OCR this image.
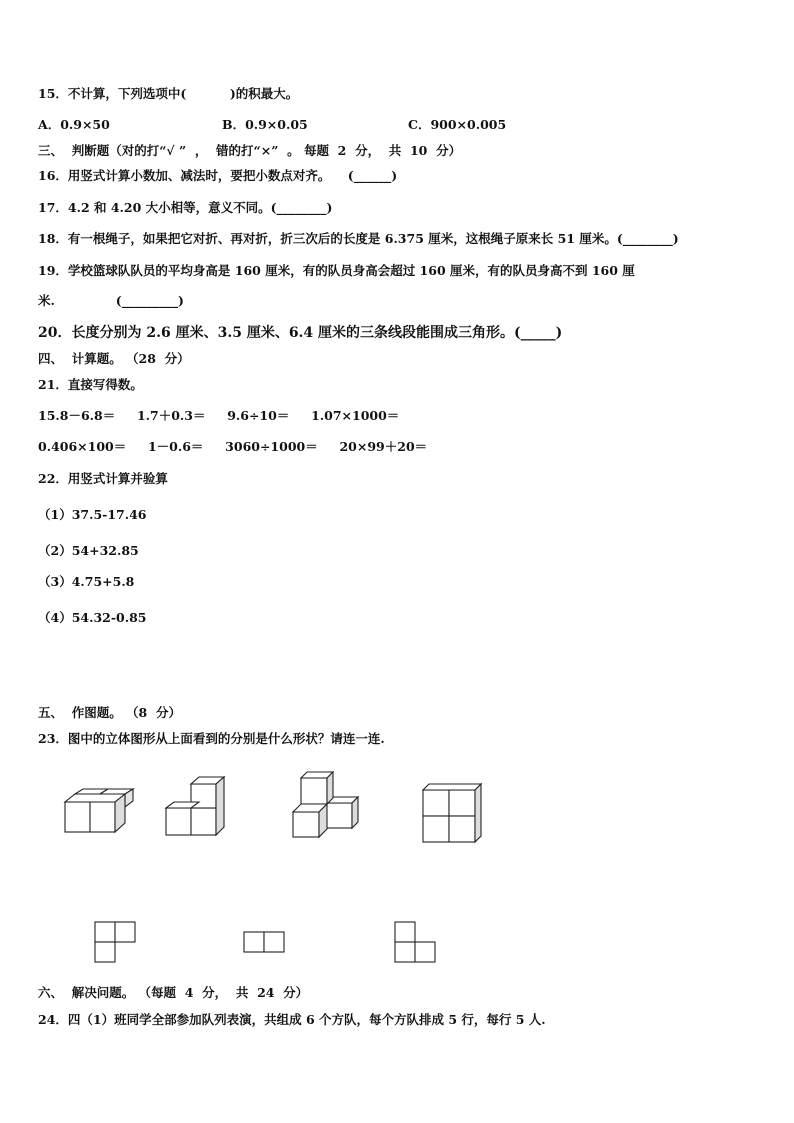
15．不计算，下列选项中(          )的积最大。
A．0.9×50	B．0.9×0.05	C．900×0.005
三、  判断题（对的打“√ ”  ，  错的打“×”  。 每题  2  分，  共  10  分）
16．用竖式计算小数加、减法时，要把小数点对齐。    (______)
17．4.2 和 4.20 大小相等，意义不同。(________)
18．有一根绳子，如果把它对折、再对折，折三次后的长度是 6.375 厘米，这根绳子原来长 51 厘米。(________)
19．学校篮球队队员的平均身高是 160 厘米，有的队员身高会超过 160 厘米，有的队员身高不到 160 厘
米.              (_________)
20．长度分别为 2.6 厘米、3.5 厘米、6.4 厘米的三条线段能围成三角形。(_____)
四、  计算题。 （28  分）
21．直接写得数。
15.8－6.8＝     1.7＋0.3＝     9.6÷10＝     1.07×1000＝
0.406×100＝     1－0.6＝     3060÷1000＝     20×99＋20＝
22．用竖式计算并验算
（1）37.5-17.46
（2）54+32.85
（3）4.75+5.8
（4）54.32-0.85
五、  作图题。 （8  分）
23．图中的立体图形从上面看到的分别是什么形状？请连一连.
六、  解决问题。 （每题  4  分，  共  24  分）
24．四（1）班同学全部参加队列表演，共组成 6 个方队，每个方队排成 5 行，每行 5 人.
